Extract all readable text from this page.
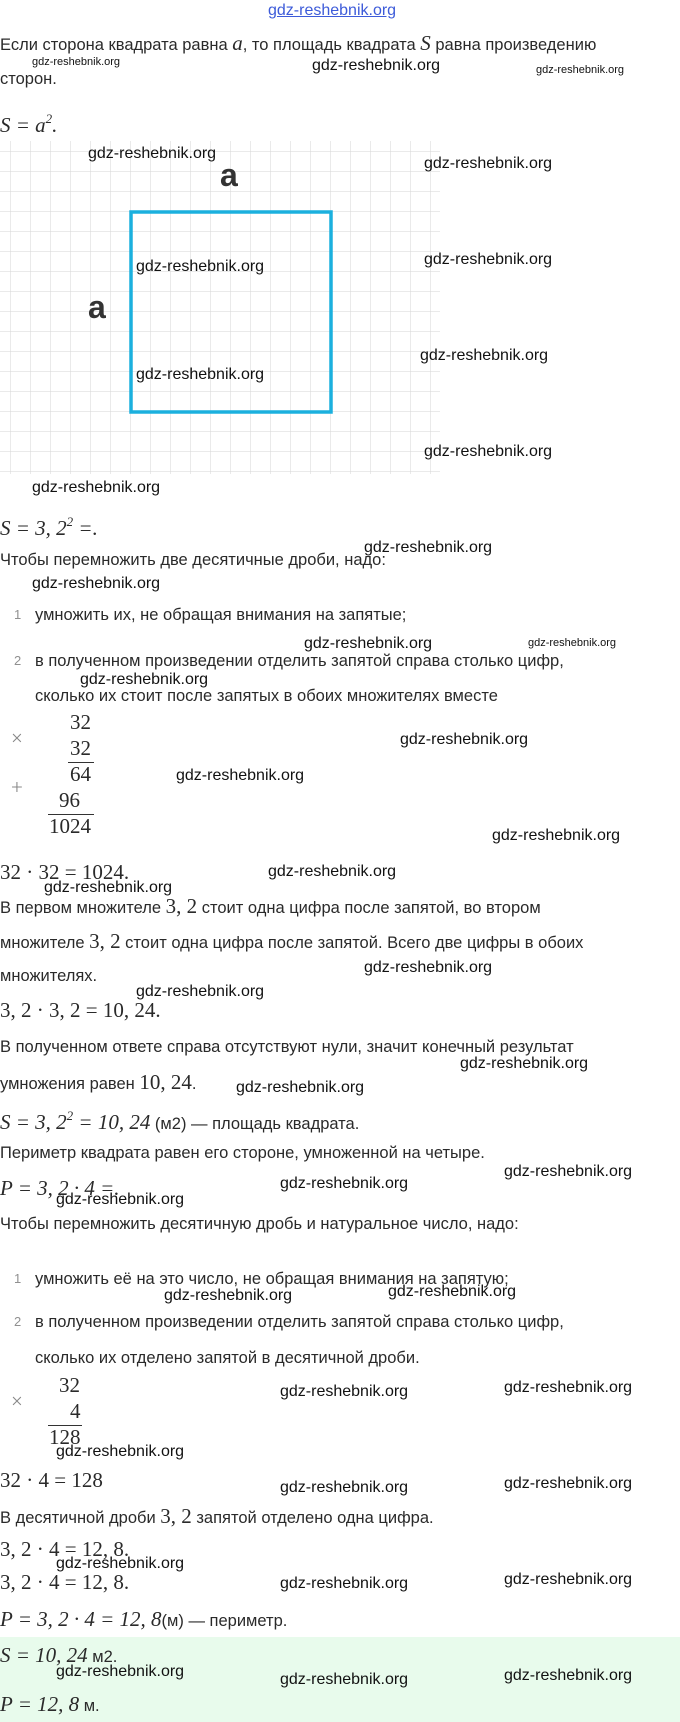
gdz-reshebnik.org
Если сторона квадрата равна a, то площадь квадрата S равна произведению
сторон.
$S = a^2$.
a
a
S = 3, $2^2$ =.
Чтобы перемножить две десятичные дроби, надо:
1 умножить их, не обращая внимания на запятые;
2 в полученном произведении отделить запятой справа столько цифр,
сколько их стоит после запятых в обоих множителях вместе
×
32
32
64
+
96
1024
32 · 32 = 1024.
В первом множителе 3, 2 стоит одна цифра после запятой, во втором
множителе 3, 2 стоит одна цифра после запятой. Всего две цифры в обоих
множителях.
3, 2 · 3, 2 = 10, 24.
В полученном ответе справа отсутствуют нули, значит конечный результат
умножения равен 10, 24.
S = 3, $2^2 = 10$, 24 (м2) — площадь квадрата.
Периметр квадрата равен его стороне, умноженной на четыре.
P = 3, 2 · 4 =.
Чтобы перемножить десятичную дробь и натуральное число, надо:
1 умножить её на это число, не обращая внимания на запятую;
2 в полученном произведении отделить запятой справа столько цифр,
сколько их отделено запятой в десятичной дроби.
×
32
4
128
32 · 4 = 128
В десятичной дроби 3, 2 запятой отделено одна цифра.
3, 2 · 4 = 12, 8.
3, 2 · 4 = 12, 8.
P = 3, 2 · 4 = 12, 8(м) — периметр.
S = 10, 24 м2.
P = 12, 8 м.
gdz-reshebnik.org	gdz-reshebnik.org	gdz-reshebnik.org
gdz-reshebnik.org
gdz-reshebnik.org
gdz-reshebnik.org	gdz-reshebnik.org
gdz-reshebnik.org
gdz-reshebnik.org
gdz-reshebnik.org
gdz-reshebnik.org
gdz-reshebnik.org
gdz-reshebnik.org
gdz-reshebnik.org	gdz-reshebnik.org
gdz-reshebnik.org
gdz-reshebnik.org
gdz-reshebnik.org
gdz-reshebnik.org
gdz-reshebnik.org
gdz-reshebnik.org
gdz-reshebnik.org
gdz-reshebnik.org
gdz-reshebnik.org
gdz-reshebnik.org
gdz-reshebnik.org
gdz-reshebnik.org
gdz-reshebnik.org
gdz-reshebnik.org	gdz-reshebnik.org
gdz-reshebnik.org	gdz-reshebnik.org
gdz-reshebnik.org
gdz-reshebnik.org	gdz-reshebnik.org
gdz-reshebnik.org
gdz-reshebnik.org	gdz-reshebnik.org
gdz-reshebnik.org	gdz-reshebnik.org	gdz-reshebnik.org
